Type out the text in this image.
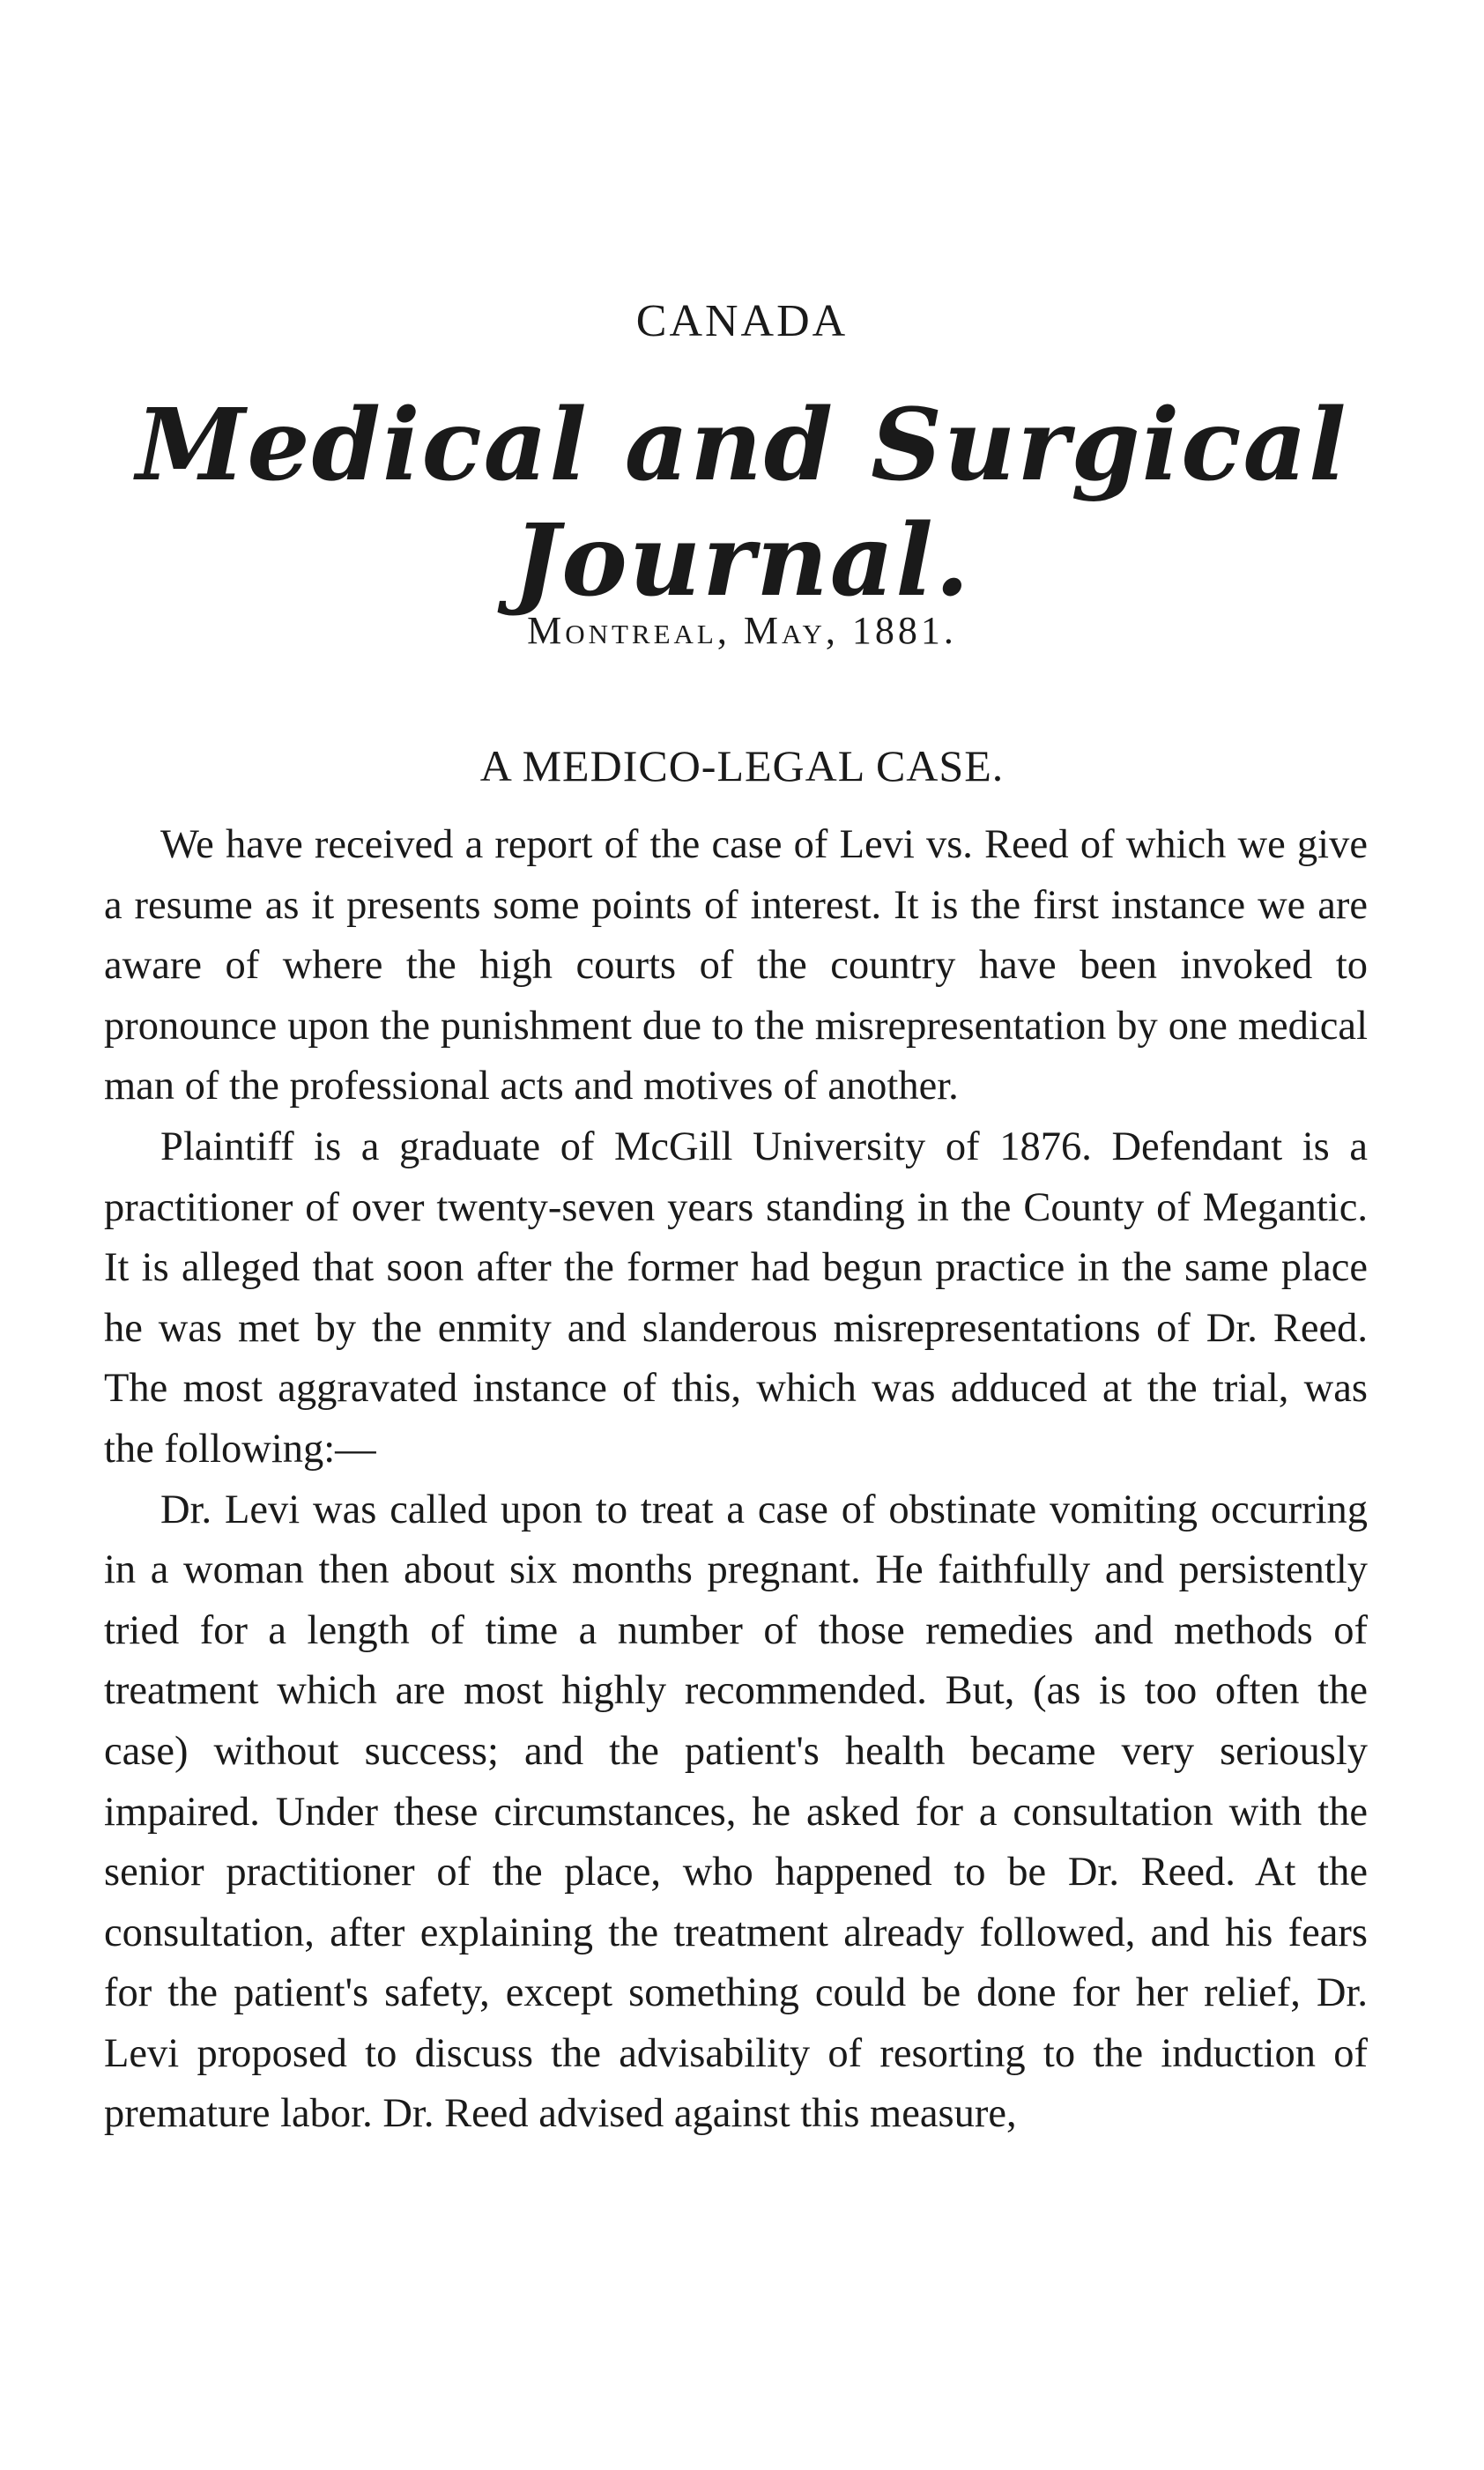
CANADA
Medical and Surgical Journal.
Montreal, May, 1881.
A MEDICO-LEGAL CASE.

We have received a report of the case of Levi vs. Reed of which we give a resume as it presents some points of interest. It is the first instance we are aware of where the high courts of the country have been invoked to pronounce upon the punishment due to the misrepresentation by one medical man of the professional acts and motives of another.

Plaintiff is a graduate of McGill University of 1876. Defendant is a practitioner of over twenty-seven years standing in the County of Megantic. It is alleged that soon after the former had begun practice in the same place he was met by the enmity and slanderous misrepresentations of Dr. Reed. The most aggravated instance of this, which was adduced at the trial, was the following:—

Dr. Levi was called upon to treat a case of obstinate vomiting occurring in a woman then about six months pregnant. He faithfully and persistently tried for a length of time a number of those remedies and methods of treatment which are most highly recommended. But, (as is too often the case) without success; and the patient's health became very seriously impaired. Under these circumstances, he asked for a consultation with the senior practitioner of the place, who happened to be Dr. Reed. At the consultation, after explaining the treatment already followed, and his fears for the patient's safety, except something could be done for her relief, Dr. Levi proposed to discuss the advisability of resorting to the induction of premature labor. Dr. Reed advised against this measure,
